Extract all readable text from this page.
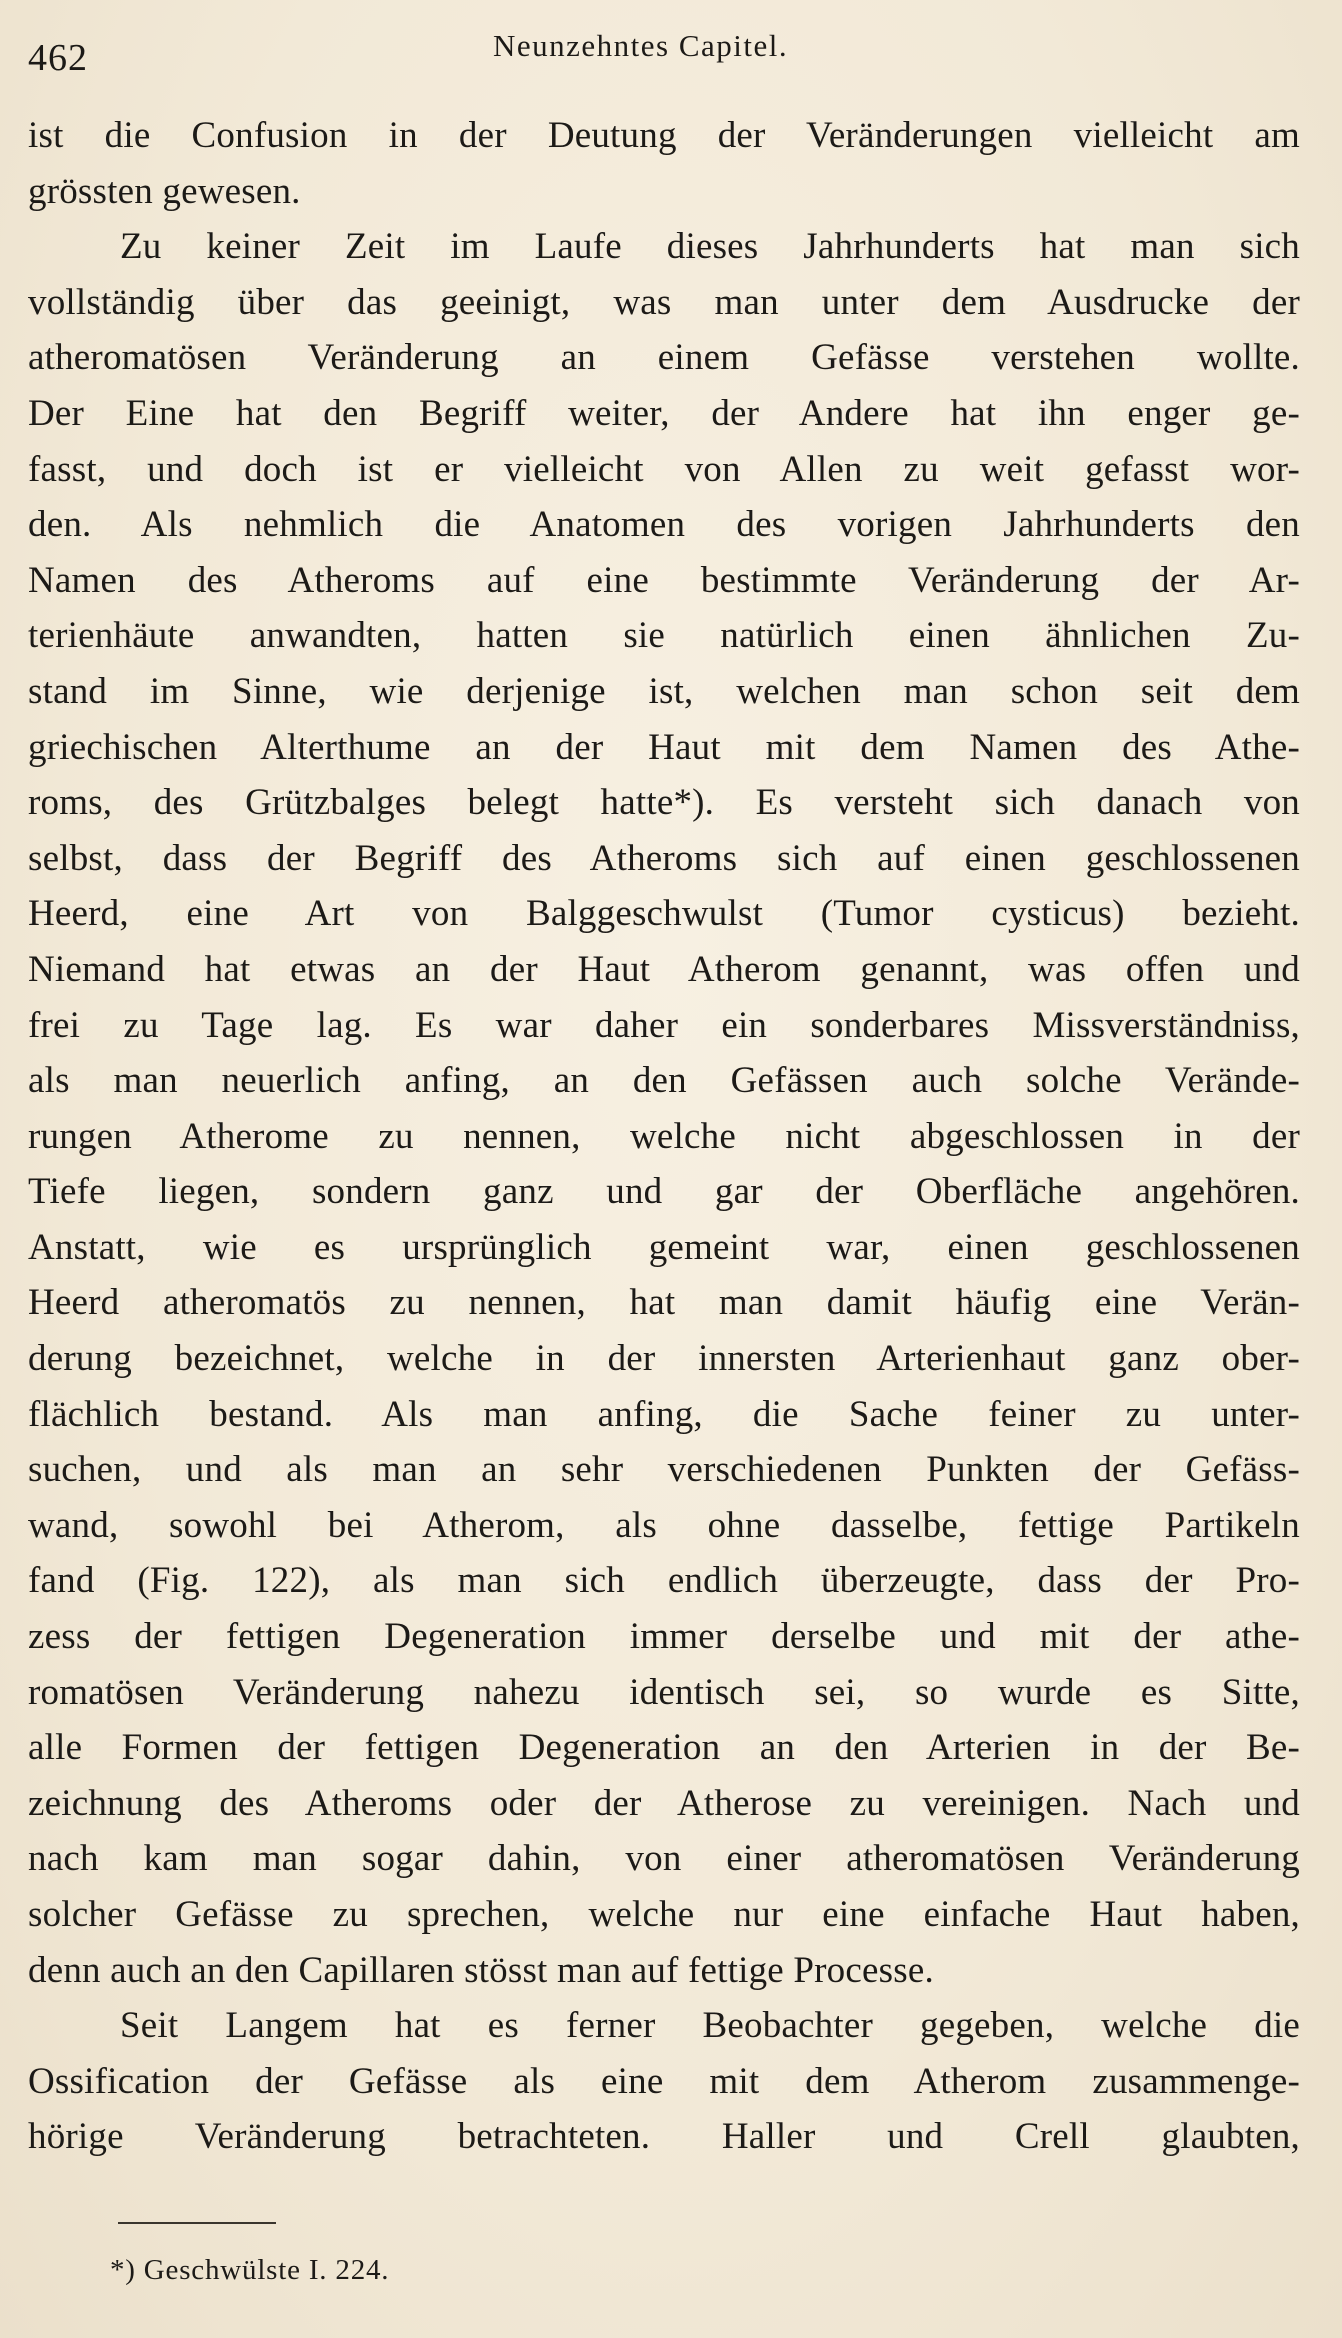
462	Neunzehntes Capitel.
ist die Confusion in der Deutung der Veränderungen vielleicht am
grössten gewesen.
Zu keiner Zeit im Laufe dieses Jahrhunderts hat man sich
vollständig über das geeinigt, was man unter dem Ausdrucke der
atheromatösen Veränderung an einem Gefässe verstehen wollte.
Der Eine hat den Begriff weiter, der Andere hat ihn enger ge-
fasst, und doch ist er vielleicht von Allen zu weit gefasst wor-
den. Als nehmlich die Anatomen des vorigen Jahrhunderts den
Namen des Atheroms auf eine bestimmte Veränderung der Ar-
terienhäute anwandten, hatten sie natürlich einen ähnlichen Zu-
stand im Sinne, wie derjenige ist, welchen man schon seit dem
griechischen Alterthume an der Haut mit dem Namen des Athe-
roms, des Grützbalges belegt hatte*). Es versteht sich danach von
selbst, dass der Begriff des Atheroms sich auf einen geschlossenen
Heerd, eine Art von Balggeschwulst (Tumor cysticus) bezieht.
Niemand hat etwas an der Haut Atherom genannt, was offen und
frei zu Tage lag. Es war daher ein sonderbares Missverständniss,
als man neuerlich anfing, an den Gefässen auch solche Verände-
rungen Atherome zu nennen, welche nicht abgeschlossen in der
Tiefe liegen, sondern ganz und gar der Oberfläche angehören.
Anstatt, wie es ursprünglich gemeint war, einen geschlossenen
Heerd atheromatös zu nennen, hat man damit häufig eine Verän-
derung bezeichnet, welche in der innersten Arterienhaut ganz ober-
flächlich bestand. Als man anfing, die Sache feiner zu unter-
suchen, und als man an sehr verschiedenen Punkten der Gefäss-
wand, sowohl bei Atherom, als ohne dasselbe, fettige Partikeln
fand (Fig. 122), als man sich endlich überzeugte, dass der Pro-
zess der fettigen Degeneration immer derselbe und mit der athe-
romatösen Veränderung nahezu identisch sei, so wurde es Sitte,
alle Formen der fettigen Degeneration an den Arterien in der Be-
zeichnung des Atheroms oder der Atherose zu vereinigen. Nach und
nach kam man sogar dahin, von einer atheromatösen Veränderung
solcher Gefässe zu sprechen, welche nur eine einfache Haut haben,
denn auch an den Capillaren stösst man auf fettige Processe.
Seit Langem hat es ferner Beobachter gegeben, welche die
Ossification der Gefässe als eine mit dem Atherom zusammenge-
hörige Veränderung betrachteten. Haller und Crell glaubten,
*) Geschwülste I. 224.
